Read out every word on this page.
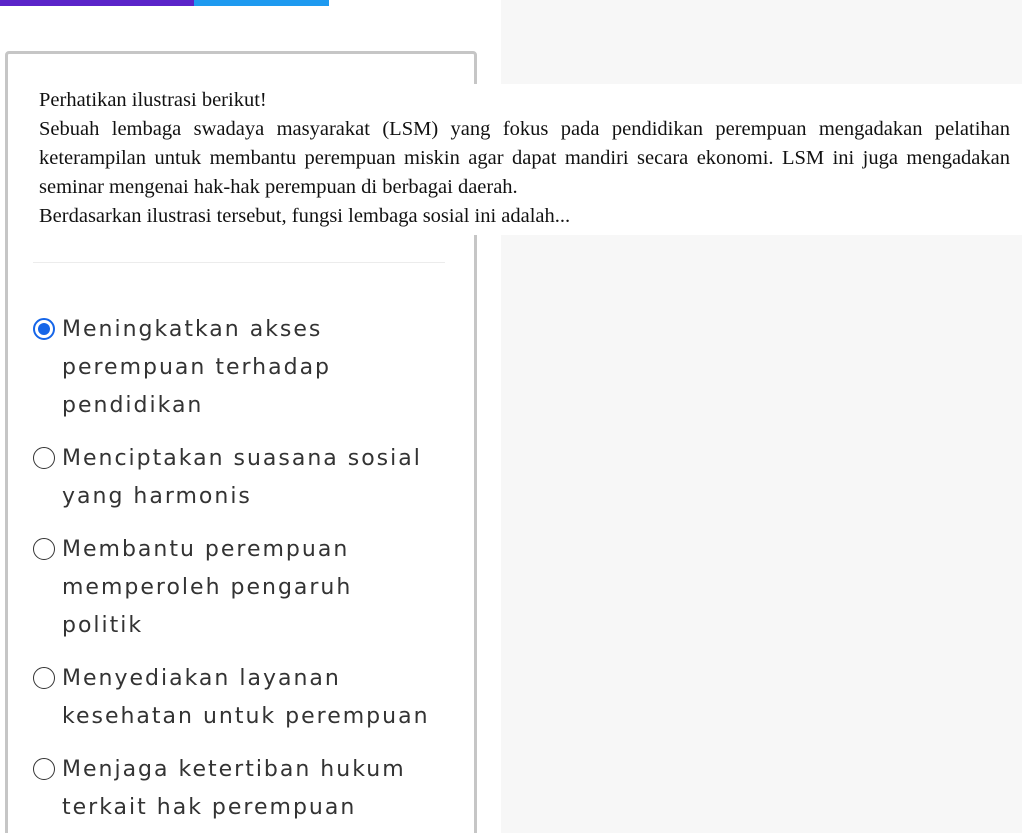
Perhatikan ilustrasi berikut!

Sebuah lembaga swadaya masyarakat (LSM) yang fokus pada pendidikan perempuan mengadakan pelatihan keterampilan untuk membantu perempuan miskin agar dapat mandiri secara ekonomi. LSM ini juga mengadakan seminar mengenai hak-hak perempuan di berbagai daerah.

Berdasarkan ilustrasi tersebut, fungsi lembaga sosial ini adalah...

Meningkatkan akses perempuan terhadap pendidikan
Menciptakan suasana sosial yang harmonis
Membantu perempuan memperoleh pengaruh politik
Menyediakan layanan kesehatan untuk perempuan
Menjaga ketertiban hukum terkait hak perempuan
